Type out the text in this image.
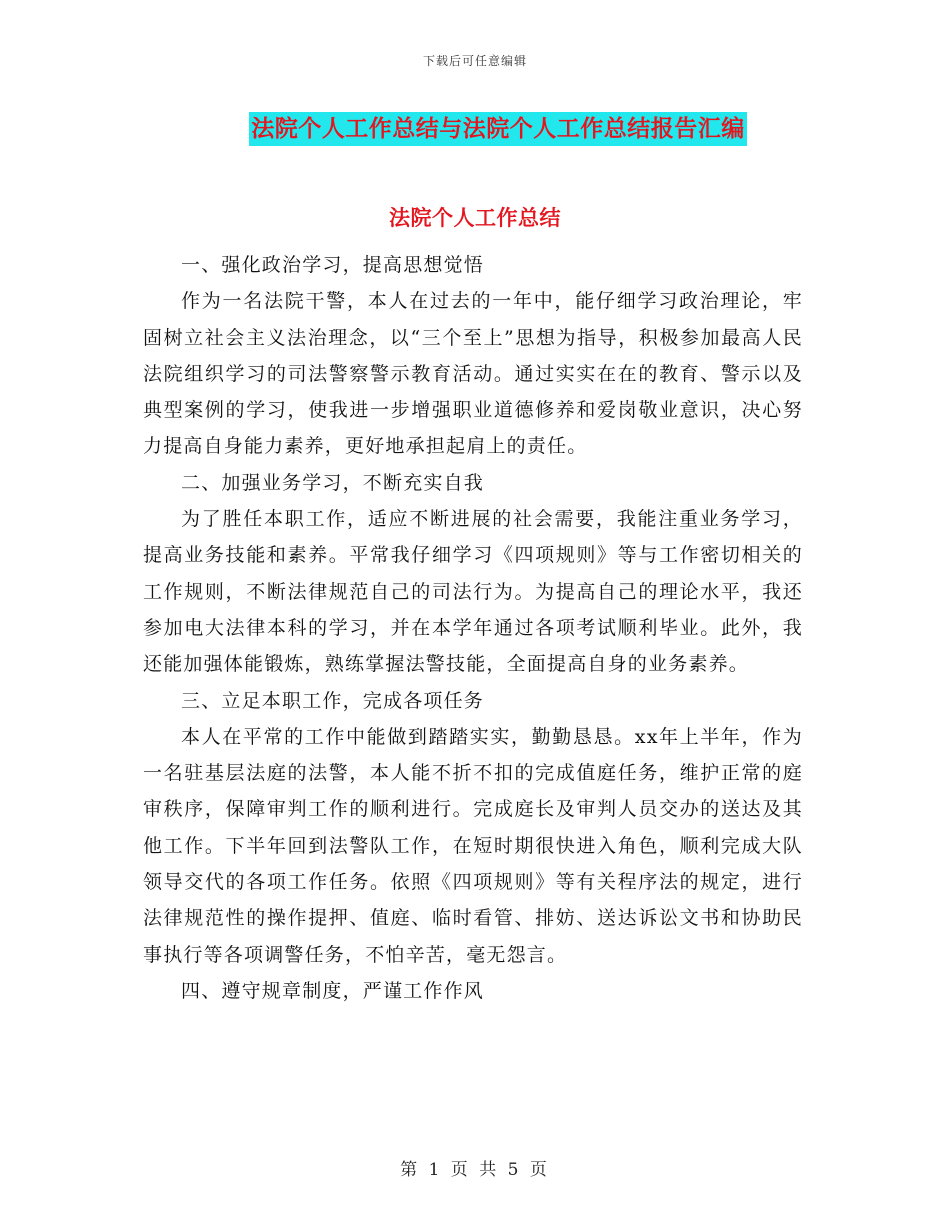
下载后可任意编辑
法院个人工作总结与法院个人工作总结报告汇编
法院个人工作总结

一、强化政治学习，提高思想觉悟

作为一名法院干警，本人在过去的一年中，能仔细学习政治理论，牢固树立社会主义法治理念，以“三个至上”思想为指导，积极参加最高人民法院组织学习的司法警察警示教育活动。通过实实在在的教育、警示以及典型案例的学习，使我进一步增强职业道德修养和爱岗敬业意识，决心努力提高自身能力素养，更好地承担起肩上的责任。

二、加强业务学习，不断充实自我

为了胜任本职工作，适应不断进展的社会需要，我能注重业务学习，提高业务技能和素养。平常我仔细学习《四项规则》等与工作密切相关的工作规则，不断法律规范自己的司法行为。为提高自己的理论水平，我还参加电大法律本科的学习，并在本学年通过各项考试顺利毕业。此外，我还能加强体能锻炼，熟练掌握法警技能，全面提高自身的业务素养。

三、立足本职工作，完成各项任务

本人在平常的工作中能做到踏踏实实，勤勤恳恳。xx年上半年，作为一名驻基层法庭的法警，本人能不折不扣的完成值庭任务，维护正常的庭审秩序，保障审判工作的顺利进行。完成庭长及审判人员交办的送达及其他工作。下半年回到法警队工作，在短时期很快进入角色，顺利完成大队领导交代的各项工作任务。依照《四项规则》等有关程序法的规定，进行法律规范性的操作提押、值庭、临时看管、排妨、送达诉讼文书和协助民事执行等各项调警任务，不怕辛苦，毫无怨言。

四、遵守规章制度，严谨工作作风

第 1 页 共 5 页
